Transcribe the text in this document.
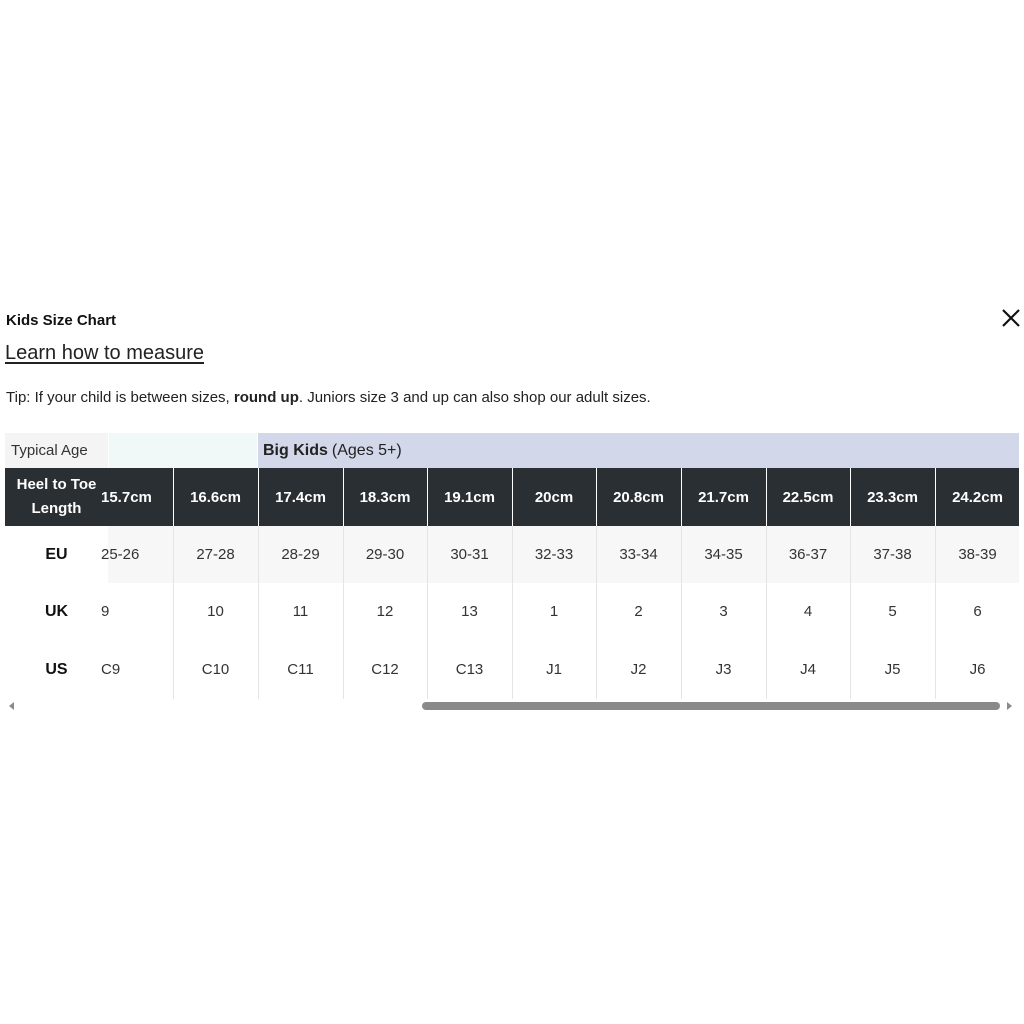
Kids Size Chart
Learn how to measure
Tip: If your child is between sizes, round up. Juniors size 3 and up can also shop our adult sizes.
Typical Age	Big Kids (Ages 5+)
Heel to Toe
Length
15.7cm	16.6cm	17.4cm	18.3cm	19.1cm	20cm	20.8cm	21.7cm	22.5cm	23.3cm	24.2cm
EU	25-26	27-28	28-29	29-30	30-31	32-33	33-34	34-35	36-37	37-38	38-39
UK	9	10	11	12	13	1	2	3	4	5	6
US	C9	C10	C11	C12	C13	J1	J2	J3	J4	J5	J6
